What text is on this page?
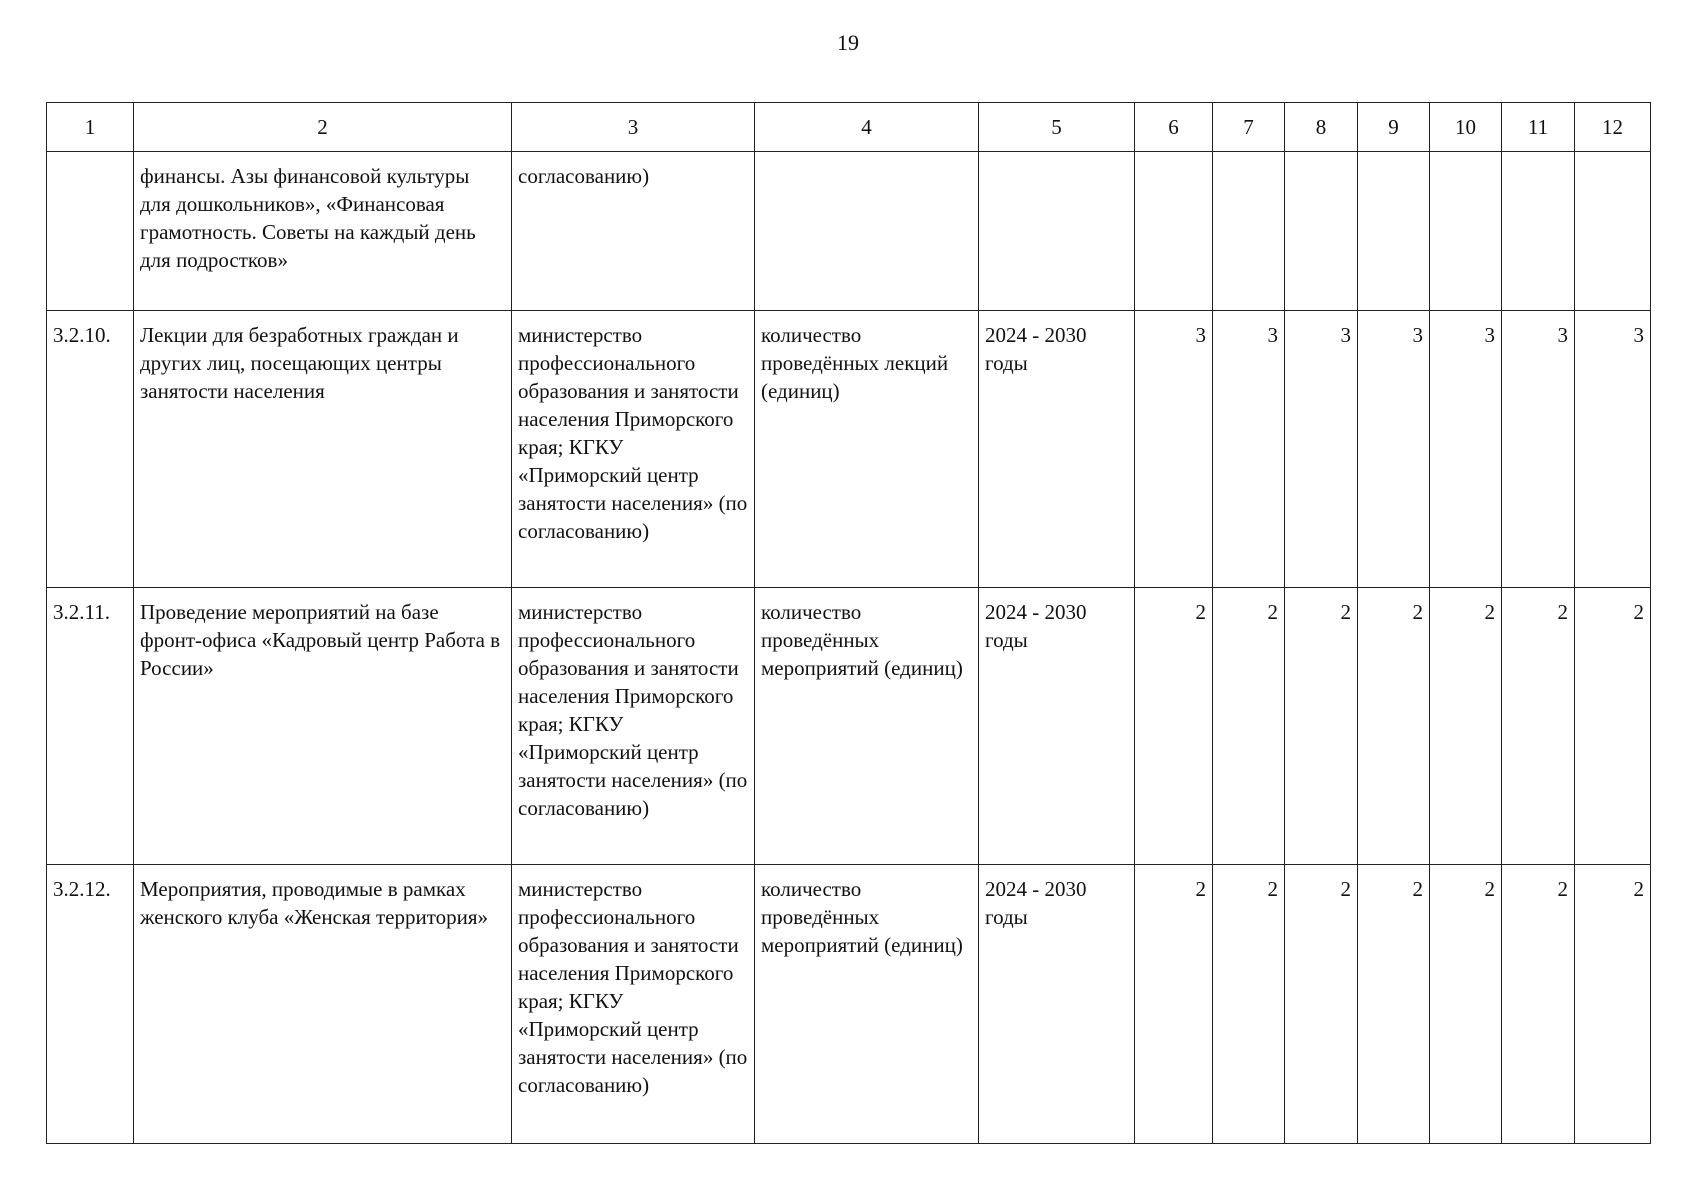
19
1	2	3	4	5	6	7	8	9	10	11	12
	финансы. Азы финансовой культуры для дошкольников», «Финансовая грамотность. Советы на каждый день для подростков»	согласованию)									
3.2.10.	Лекции для безработных граждан и других лиц, посещающих центры занятости населения	министерство профессионального образования и занятости населения Приморского края; КГКУ «Приморский центр занятости населения» (по согласованию)	количество проведённых лекций (единиц)	2024 - 2030 годы	3	3	3	3	3	3	3
3.2.11.	Проведение мероприятий на базе фронт-офиса «Кадровый центр Работа в России»	министерство профессионального образования и занятости населения Приморского края; КГКУ «Приморский центр занятости населения» (по согласованию)	количество проведённых мероприятий (единиц)	2024 - 2030 годы	2	2	2	2	2	2	2
3.2.12.	Мероприятия, проводимые в рамках женского клуба «Женская территория»	министерство профессионального образования и занятости населения Приморского края; КГКУ «Приморский центр занятости населения» (по согласованию)	количество проведённых мероприятий (единиц)	2024 - 2030 годы	2	2	2	2	2	2	2
